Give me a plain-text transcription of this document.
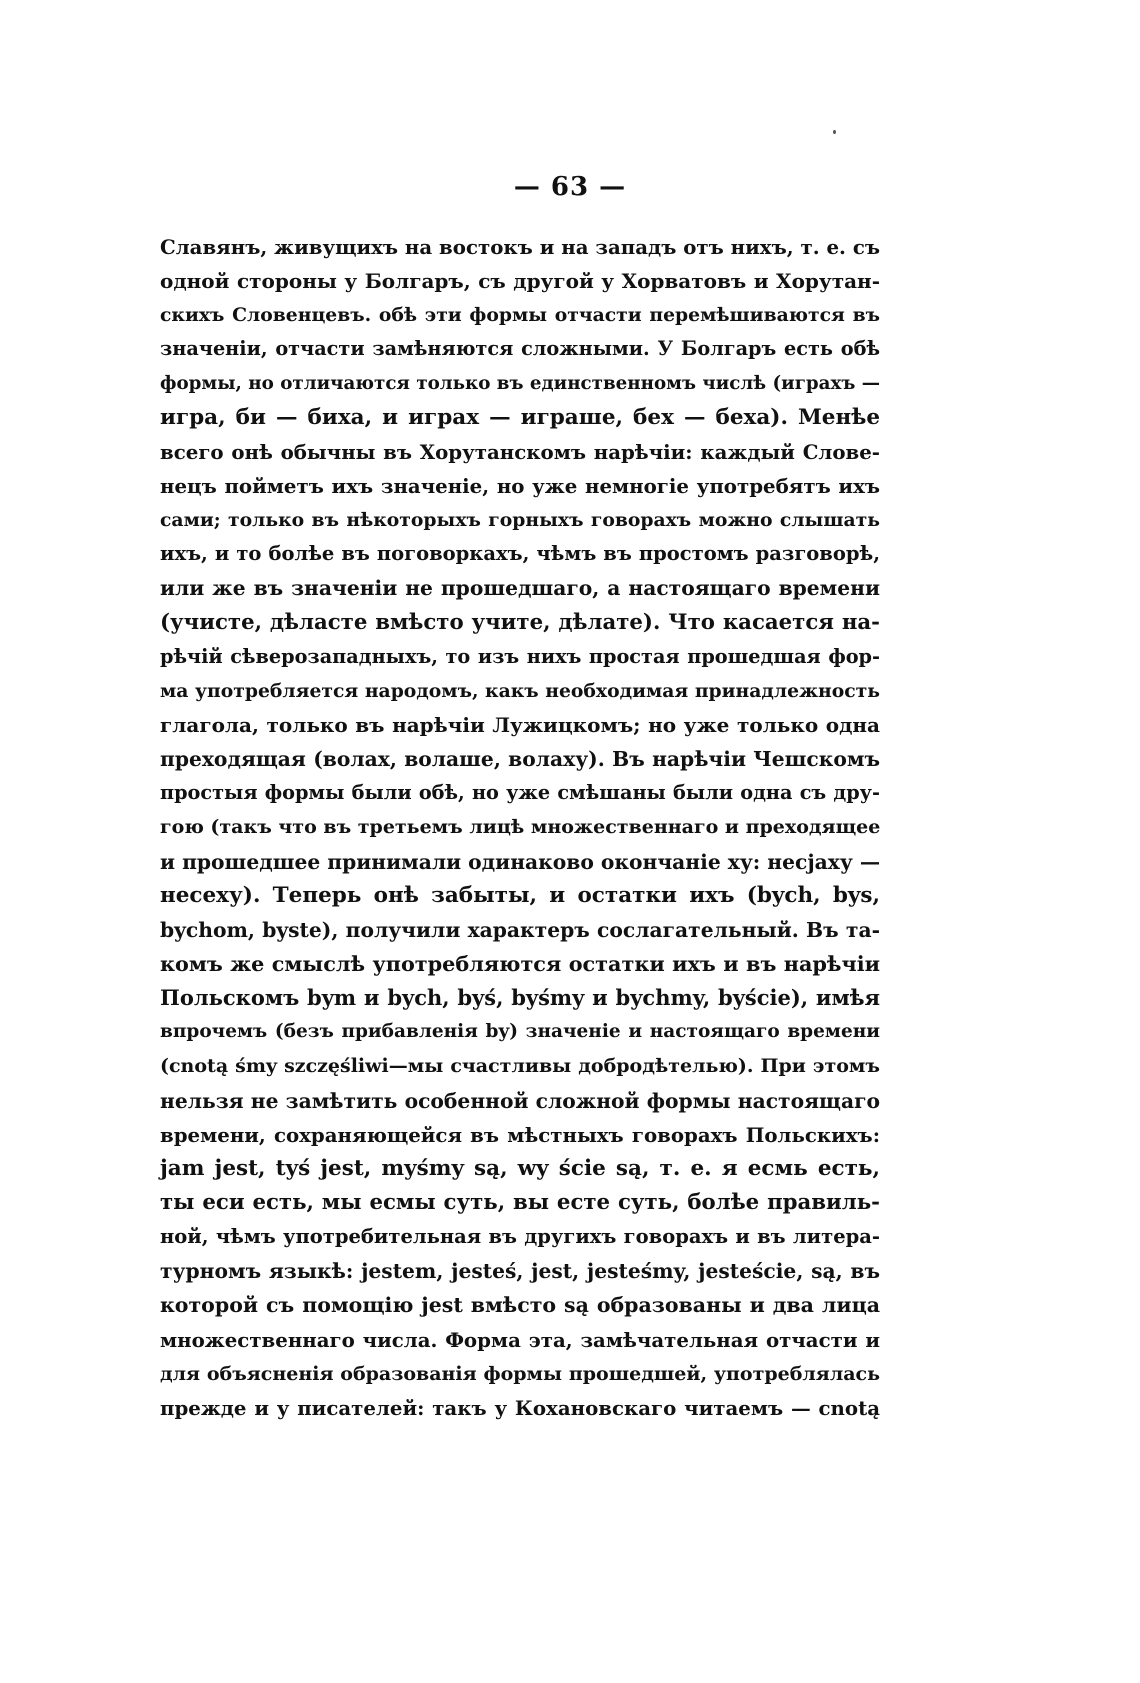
— 63 —
Славянъ, живущихъ на востокъ и на западъ отъ нихъ, т. е. съ
одной стороны у Болгаръ, съ другой у Хорватовъ и Хорутан-
скихъ Словенцевъ. обѣ эти формы отчасти перемѣшиваются въ
значеніи, отчасти замѣняются сложными. У Болгаръ есть обѣ
формы, но отличаются только въ единственномъ числѣ (играхъ —
игра, би — биха, и играх — играше, бех — беха). Менѣе
всего онѣ обычны въ Хорутанскомъ нарѣчіи: каждый Слове-
нецъ пойметъ ихъ значеніе, но уже немногіе употребятъ ихъ
сами; только въ нѣкоторыхъ горныхъ говорахъ можно слышать
ихъ, и то болѣе въ поговоркахъ, чѣмъ въ простомъ разговорѣ,
или же въ значеніи не прошедшаго, а настоящаго времени
(учисте, дѣласте вмѣсто учите, дѣлате). Что касается на-
рѣчій сѣверозападныхъ, то изъ нихъ простая прошедшая фор-
ма употребляется народомъ, какъ необходимая принадлежность
глагола, только въ нарѣчіи Лужицкомъ; но уже только одна
преходящая (волах, волаше, волаху). Въ нарѣчіи Чешскомъ
простыя формы были обѣ, но уже смѣшаны были одна съ дру-
гою (такъ что въ третьемъ лицѣ множественнаго и преходящее
и прошедшее принимали одинаково окончаніе ху: несјаху —
несеху). Теперь онѣ забыты, и остатки ихъ (bych, bys,
bychom, byste), получили характеръ сослагательный. Въ та-
комъ же смыслѣ употребляются остатки ихъ и въ нарѣчіи
Польскомъ bym и bych, byś, byśmy и bychmy, byście), имѣя
впрочемъ (безъ прибавленія by) значеніе и настоящаго времени
(cnotą śmy szczęśliwi—мы счастливы добродѣтелью). При этомъ
нельзя не замѣтить особенной сложной формы настоящаго
времени, сохраняющейся въ мѣстныхъ говорахъ Польскихъ:
jam jest, tyś jest, myśmy są, wy ście są, т. е. я есмь есть,
ты еси есть, мы есмы суть, вы есте суть, болѣе правиль-
ной, чѣмъ употребительная въ другихъ говорахъ и въ литера-
турномъ языкѣ: jestem, jesteś, jest, jesteśmy, jesteście, są, въ
которой съ помощію jest вмѣсто są образованы и два лица
множественнаго числа. Форма эта, замѣчательная отчасти и
для объясненія образованія формы прошедшей, употреблялась
прежде и у писателей: такъ у Кохановскаго читаемъ — cnotą
